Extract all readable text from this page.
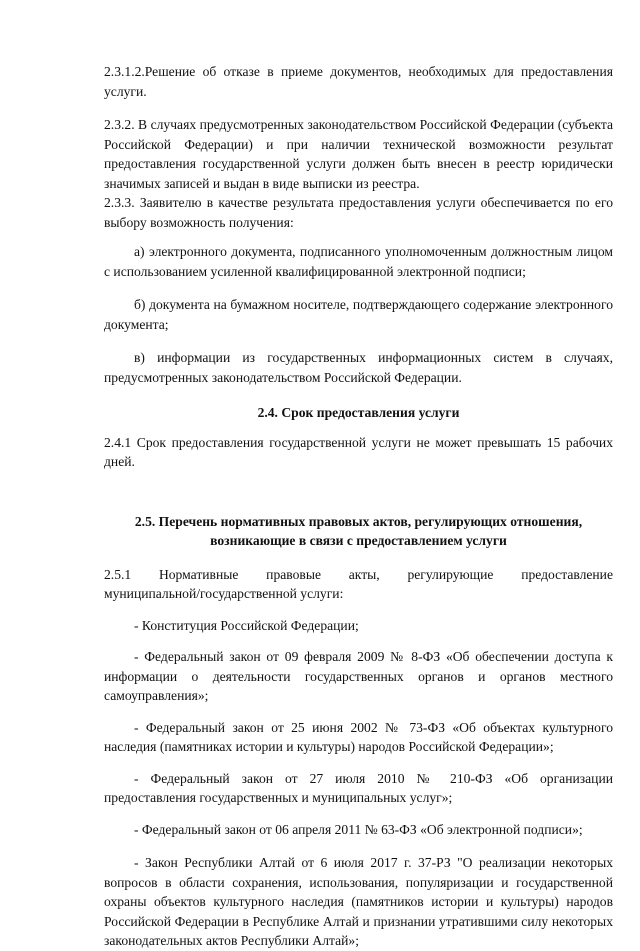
2.3.1.2.Решение об отказе в приеме документов, необходимых для предоставления услуги.

2.3.2. В случаях предусмотренных законодательством Российской Федерации (субъекта Российской Федерации) и при наличии технической возможности результат предоставления государственной услуги должен быть внесен в реестр юридически значимых записей и выдан в виде выписки из реестра.

2.3.3. Заявителю в качестве результата предоставления услуги обеспечивается по его выбору возможность получения:

а) электронного документа, подписанного уполномоченным должностным лицом с использованием усиленной квалифицированной электронной подписи;

б) документа на бумажном носителе, подтверждающего содержание электронного документа;

в) информации из государственных информационных систем в случаях, предусмотренных законодательством Российской Федерации.

2.4. Срок предоставления услуги

2.4.1 Срок предоставления государственной услуги не может превышать 15 рабочих дней.

2.5. Перечень нормативных правовых актов, регулирующих отношения,
возникающие в связи с предоставлением услуги
2.5.1 Нормативные правовые акты, регулирующие предоставление

муниципальной/государственной услуги:

- Конституция Российской Федерации;

- Федеральный закон от 09 февраля 2009 № 8-ФЗ «Об обеспечении доступа к информации о деятельности государственных органов и органов местного самоуправления»;

- Федеральный закон от 25 июня 2002 № 73-ФЗ «Об объектах культурного наследия (памятниках истории и культуры) народов Российской Федерации»;

- Федеральный закон от 27 июля 2010 № 210-ФЗ «Об организации предоставления государственных и муниципальных услуг»;

- Федеральный закон от 06 апреля 2011 № 63-ФЗ «Об электронной подписи»;

- Закон Республики Алтай от 6 июля 2017 г. 37-РЗ "О реализации некоторых вопросов в области сохранения, использования, популяризации и государственной охраны объектов культурного наследия (памятников истории и культуры) народов Российской Федерации в Республике Алтай и признании утратившими силу некоторых законодательных актов Республики Алтай»;
